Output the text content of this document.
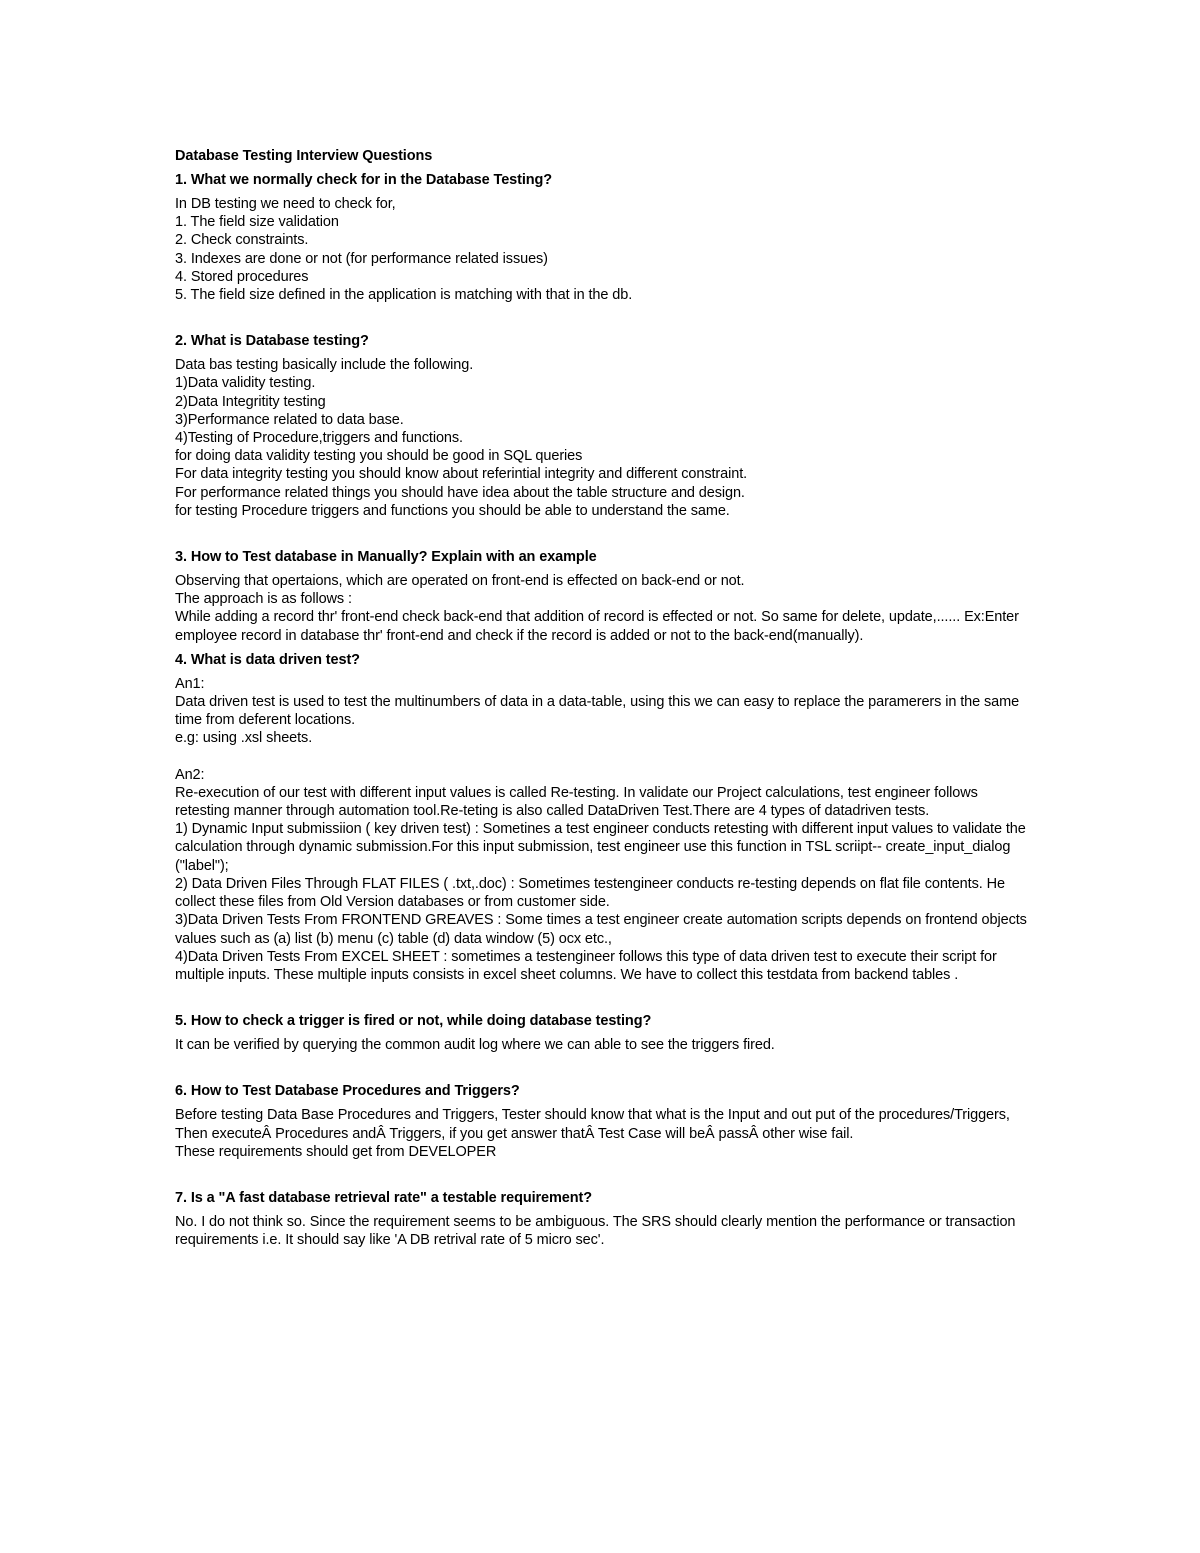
Database Testing Interview Questions
1. What we normally check for in the Database Testing?
In DB testing we need to check for,
1. The field size validation
2. Check constraints.
3. Indexes are done or not (for performance related issues)
4. Stored procedures
5. The field size defined in the application is matching with that in the db.
2. What is Database testing?
Data bas testing basically include the following.
1)Data validity testing.
2)Data Integritity testing
3)Performance related to data base.
4)Testing of Procedure,triggers and functions.
for doing data validity testing you should be good in SQL queries
For data integrity testing you should know about referintial integrity and different constraint.
For performance related things you should have idea about the table structure and design.
for testing Procedure triggers and functions you should be able to understand the same.
3. How to Test database in Manually? Explain with an example
Observing that opertaions, which are operated on front-end is effected on back-end or not.
The approach is as follows :
While adding a record thr' front-end check back-end that addition of record is effected or not. So same for delete, update,...... Ex:Enter employee record in database thr' front-end and check if the record is added or not to the back-end(manually).
4. What is data driven test?
An1:
Data driven test is used to test the multinumbers of data in a data-table, using this we can easy to replace the paramerers in the same time from deferent locations.
e.g: using .xsl sheets.
An2:
Re-execution of our test with different input values is called Re-testing. In validate our Project calculations, test engineer follows retesting manner through automation tool.Re-teting is also called DataDriven Test.There are 4 types of datadriven tests.
1) Dynamic Input submissiion ( key driven test) : Sometines a test engineer conducts retesting with different input values to validate the calculation through dynamic submission.For this input submission, test engineer use this function in TSL scriipt-- create_input_dialog ("label");
2) Data Driven Files Through FLAT FILES ( .txt,.doc) : Sometimes testengineer conducts re-testing depends on flat file contents. He collect these files from Old Version databases or from customer side.
3)Data Driven Tests From FRONTEND GREAVES : Some times a test engineer create automation scripts depends on frontend objects values such as (a) list (b) menu (c) table (d) data window (5) ocx etc.,
4)Data Driven Tests From EXCEL SHEET : sometimes a testengineer follows this type of data driven test to execute their script for multiple inputs. These multiple inputs consists in excel sheet columns. We have to collect this testdata from backend tables .
5. How to check a trigger is fired or not, while doing database testing?
It can be verified by querying the common audit log where we can able to see the triggers fired.
6. How to Test Database Procedures and Triggers?
Before testing Data Base Procedures and Triggers, Tester should know that what is the Input and out put of the procedures/Triggers, Then executeÂ Procedures andÂ Triggers, if you get answer thatÂ Test Case will beÂ passÂ other wise fail.
These requirements should get from DEVELOPER
7. Is a "A fast database retrieval rate" a testable requirement?
No. I do not think so. Since the requirement seems to be ambiguous. The SRS should clearly mention the performance or transaction requirements i.e. It should say like 'A DB retrival rate of 5 micro sec'.
